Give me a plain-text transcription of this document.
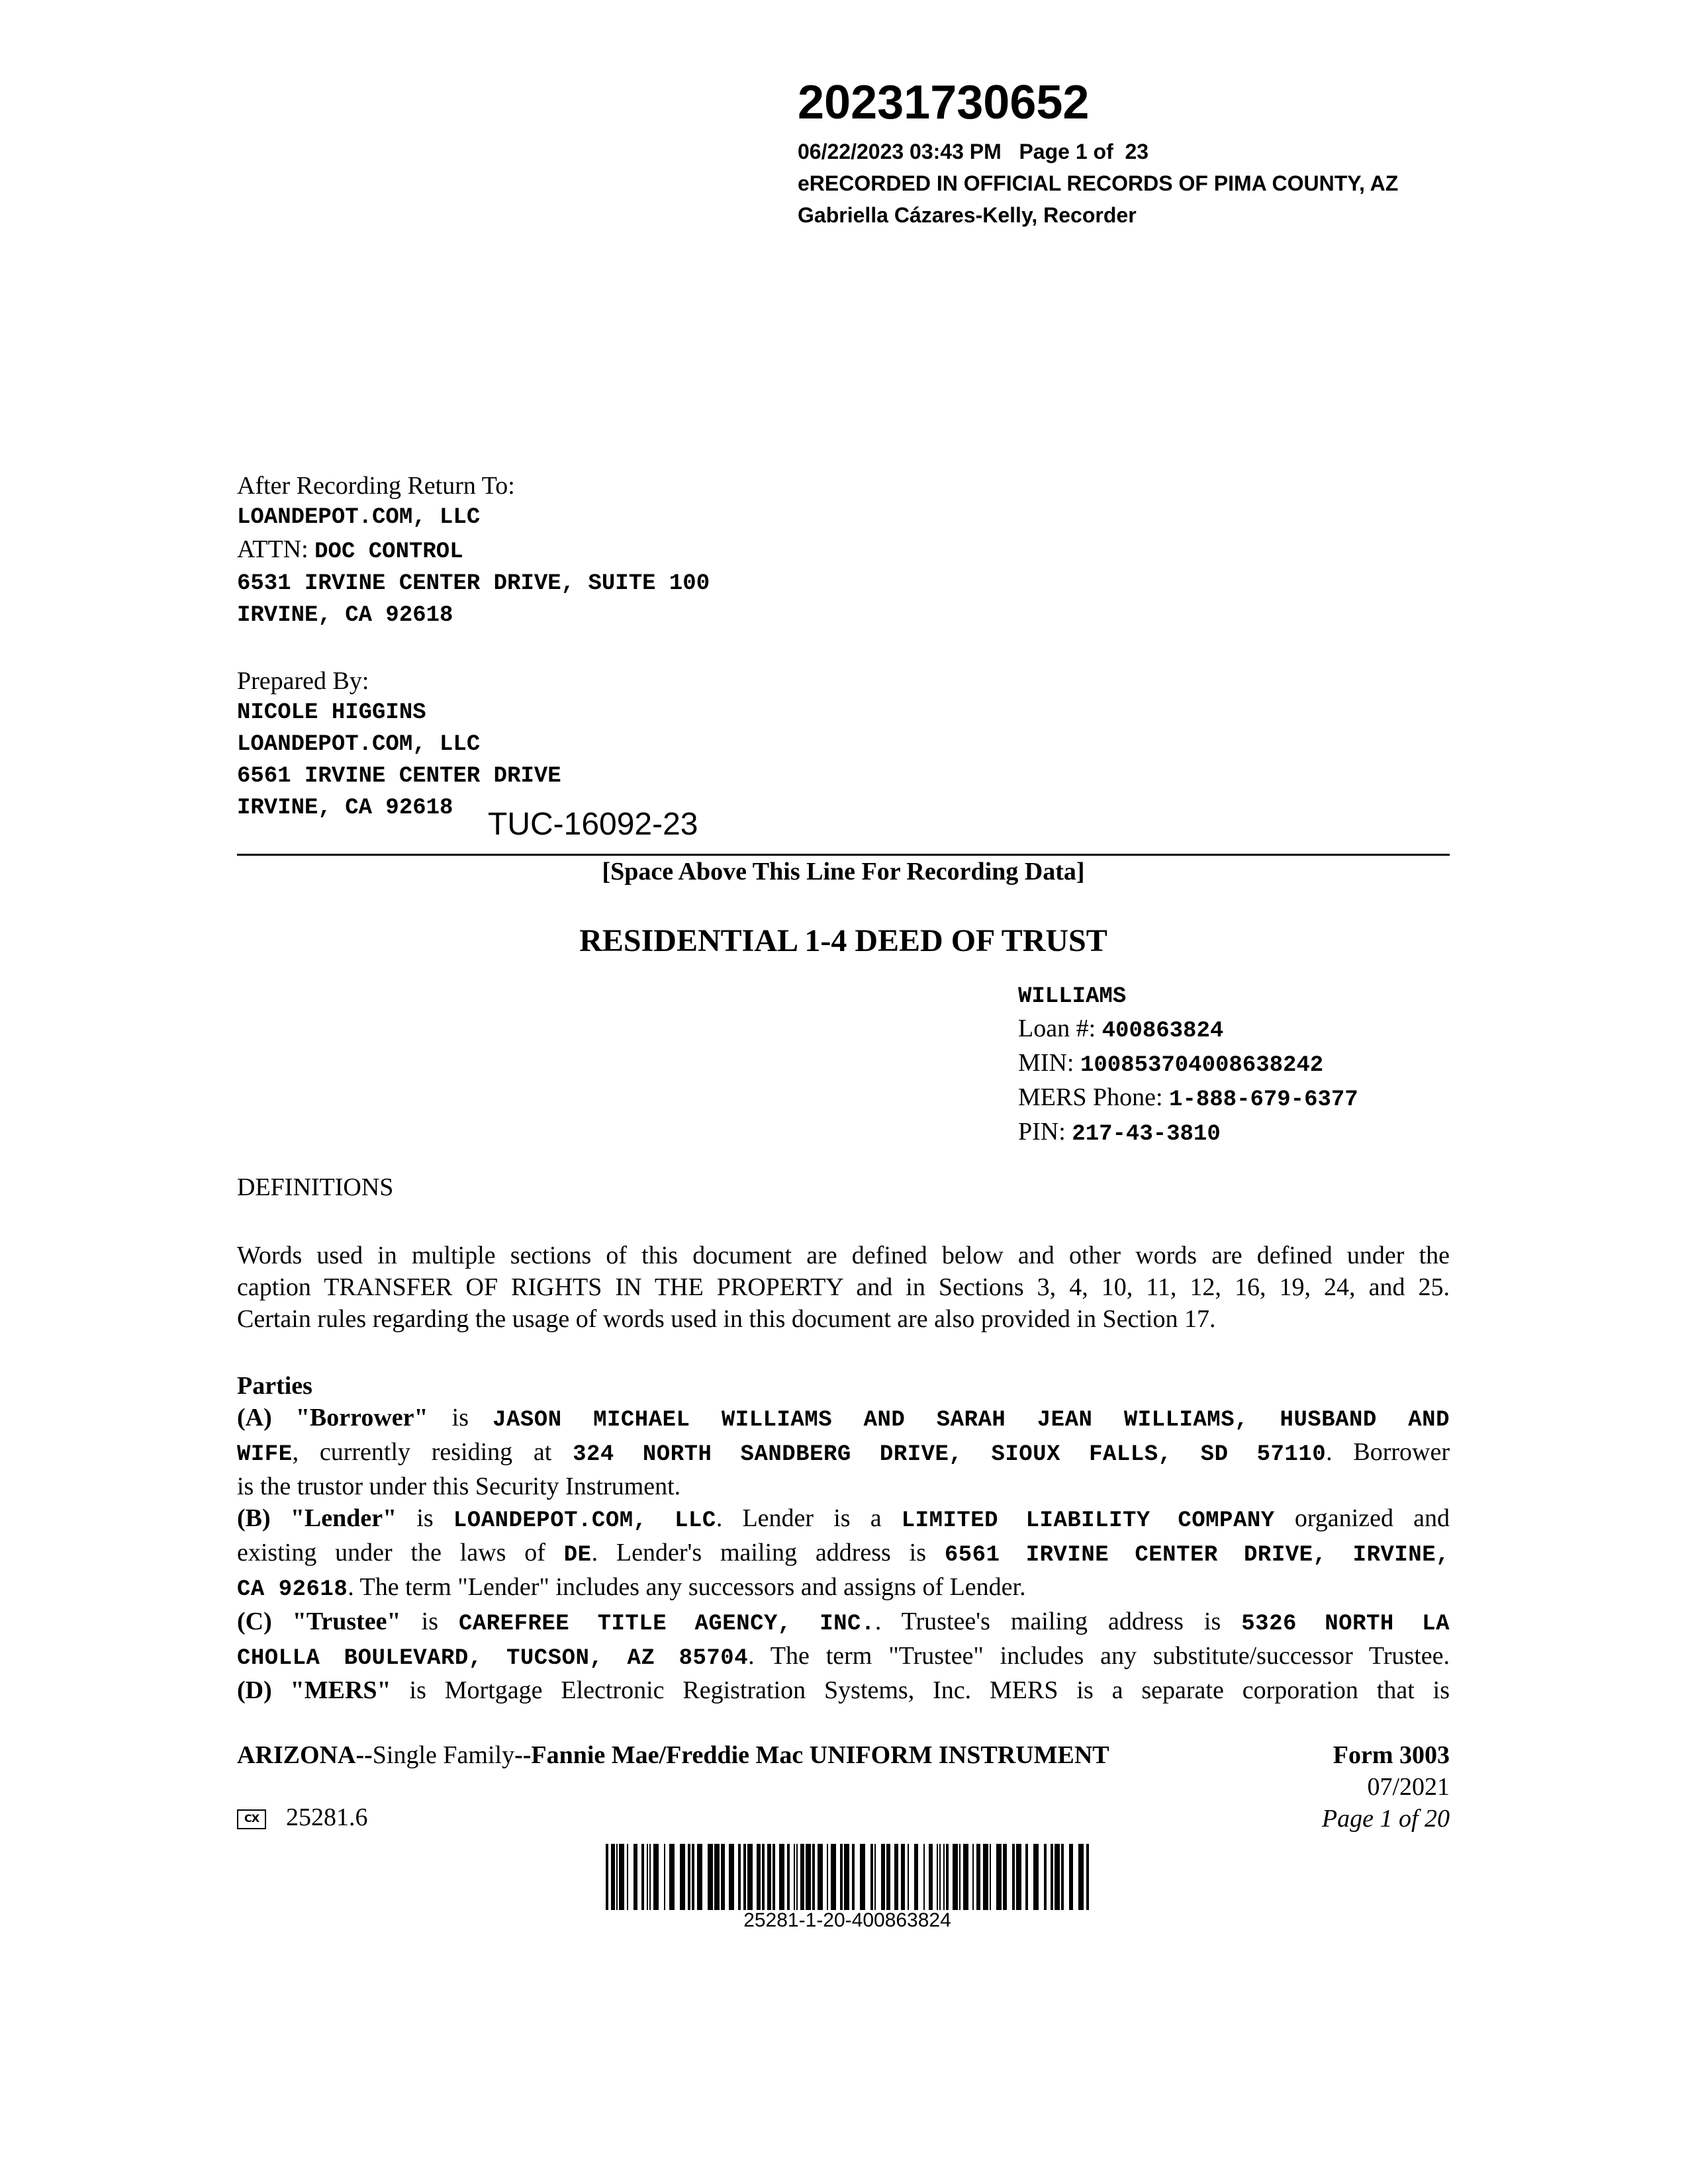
20231730652
06/22/2023 03:43 PM   Page 1 of  23
eRECORDED IN OFFICIAL RECORDS OF PIMA COUNTY, AZ
Gabriella Cázares-Kelly, Recorder
After Recording Return To:
LOANDEPOT.COM, LLC
ATTN: DOC CONTROL
6531 IRVINE CENTER DRIVE, SUITE 100
IRVINE, CA 92618
Prepared By:
NICOLE HIGGINS
LOANDEPOT.COM, LLC
6561 IRVINE CENTER DRIVE
IRVINE, CA 92618	TUC-16092-23
[Space Above This Line For Recording Data]
RESIDENTIAL 1-4 DEED OF TRUST
WILLIAMS
Loan #: 400863824
MIN: 100853704008638242
MERS Phone: 1-888-679-6377
PIN: 217-43-3810
DEFINITIONS
Words used in multiple sections of this document are defined below and other words are defined under the
caption TRANSFER OF RIGHTS IN THE PROPERTY and in Sections 3, 4, 10, 11, 12, 16, 19, 24, and 25.
Certain rules regarding the usage of words used in this document are also provided in Section 17.
Parties
(A) "Borrower" is JASON MICHAEL WILLIAMS AND SARAH JEAN WILLIAMS, HUSBAND AND
WIFE, currently residing at 324 NORTH SANDBERG DRIVE, SIOUX FALLS, SD 57110. Borrower
is the trustor under this Security Instrument.
(B) "Lender" is LOANDEPOT.COM, LLC. Lender is a LIMITED LIABILITY COMPANY organized and
existing under the laws of DE. Lender's mailing address is 6561 IRVINE CENTER DRIVE, IRVINE,
CA 92618. The term "Lender" includes any successors and assigns of Lender.
(C) "Trustee" is CAREFREE TITLE AGENCY, INC.. Trustee's mailing address is 5326 NORTH LA
CHOLLA BOULEVARD, TUCSON, AZ 85704. The term "Trustee" includes any substitute/successor Trustee.
(D) "MERS" is Mortgage Electronic Registration Systems, Inc. MERS is a separate corporation that is
ARIZONA--Single Family--Fannie Mae/Freddie Mac UNIFORM INSTRUMENT	Form 3003
07/2021
Page 1 of 20
CX 25281.6
25281-1-20-400863824
